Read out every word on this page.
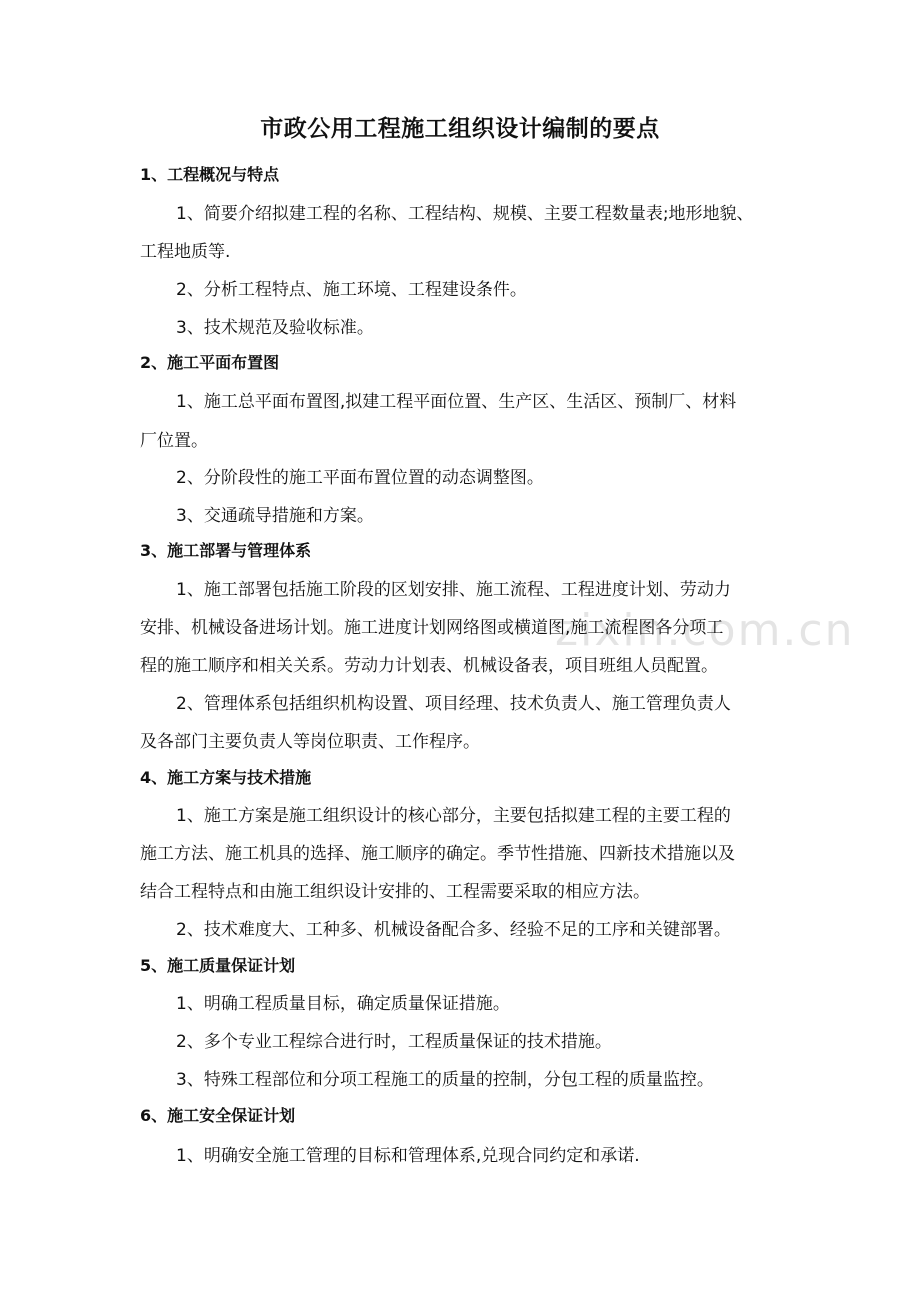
zixin.com.cn
市政公用工程施工组织设计编制的要点
1、工程概况与特点
1、简要介绍拟建工程的名称、工程结构、规模、主要工程数量表;地形地貌、
工程地质等.
2、分析工程特点、施工环境、工程建设条件。
3、技术规范及验收标准。
2、施工平面布置图
1、施工总平面布置图,拟建工程平面位置、生产区、生活区、预制厂、材料
厂位置。
2、分阶段性的施工平面布置位置的动态调整图。
3、交通疏导措施和方案。
3、施工部署与管理体系
1、施工部署包括施工阶段的区划安排、施工流程、工程进度计划、劳动力
安排、机械设备进场计划。施工进度计划网络图或横道图,施工流程图各分项工
程的施工顺序和相关关系。劳动力计划表、机械设备表，项目班组人员配置。
2、管理体系包括组织机构设置、项目经理、技术负责人、施工管理负责人
及各部门主要负责人等岗位职责、工作程序。
4、施工方案与技术措施
1、施工方案是施工组织设计的核心部分，主要包括拟建工程的主要工程的
施工方法、施工机具的选择、施工顺序的确定。季节性措施、四新技术措施以及
结合工程特点和由施工组织设计安排的、工程需要采取的相应方法。
2、技术难度大、工种多、机械设备配合多、经验不足的工序和关键部署。
5、施工质量保证计划
1、明确工程质量目标，确定质量保证措施。
2、多个专业工程综合进行时，工程质量保证的技术措施。
3、特殊工程部位和分项工程施工的质量的控制，分包工程的质量监控。
6、施工安全保证计划
1、明确安全施工管理的目标和管理体系,兑现合同约定和承诺.
